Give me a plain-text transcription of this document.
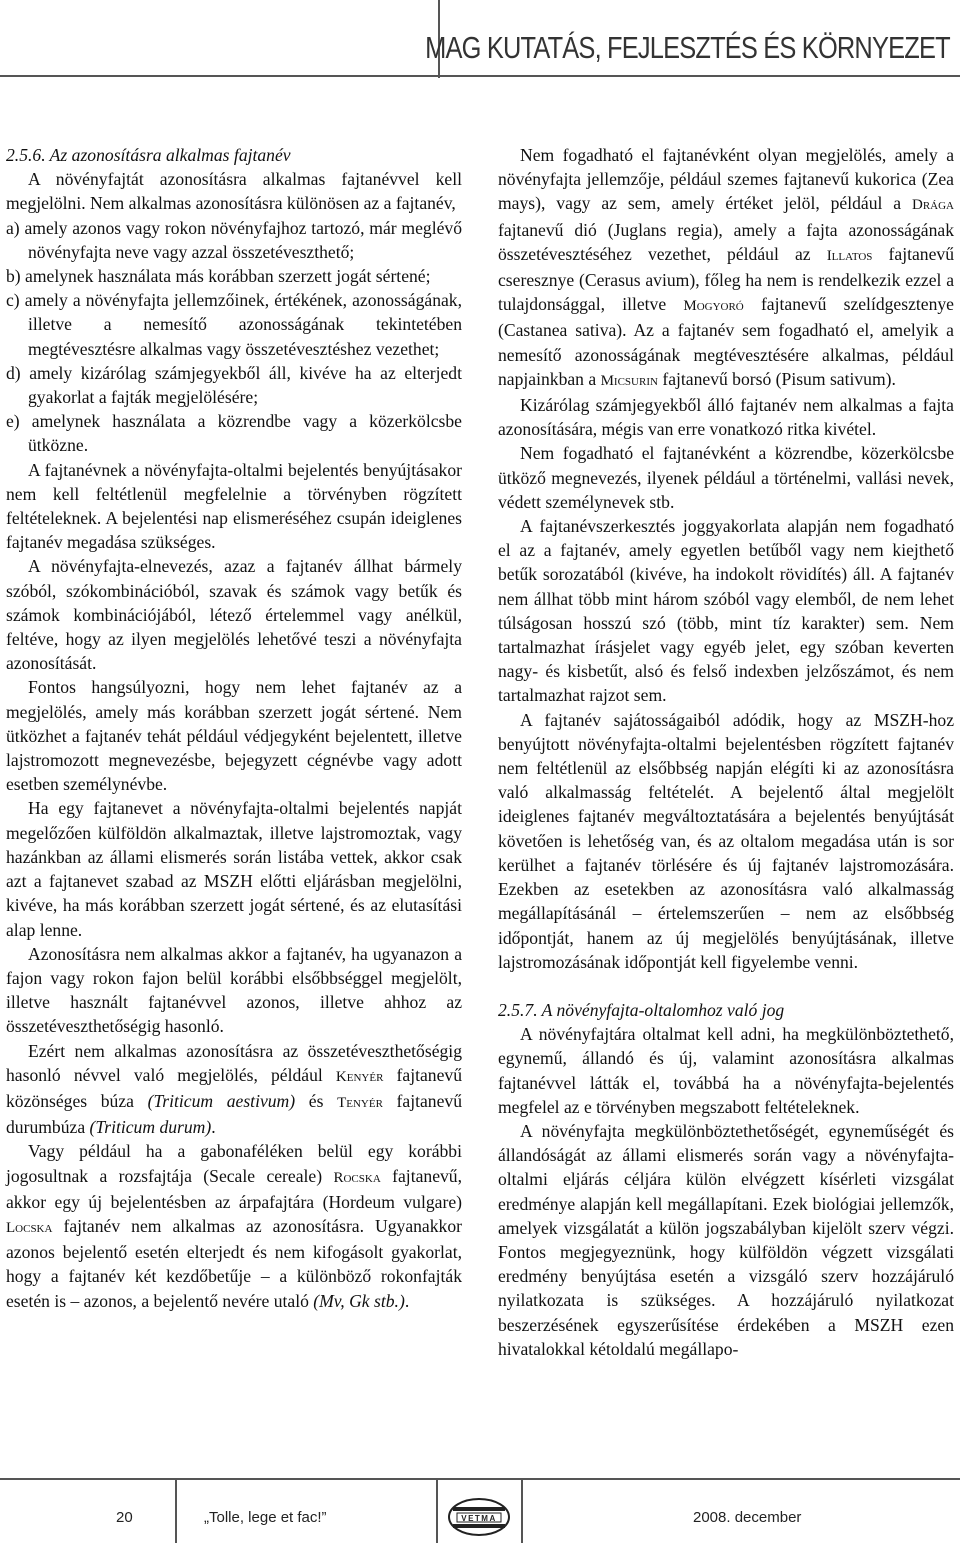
MAG KUTATÁS, FEJLESZTÉS ÉS KÖRNYEZET

2.5.6. Az azonosításra alkalmas fajtanév

A növényfajtát azonosításra alkalmas fajtanévvel kell megjelölni. Nem alkalmas azonosításra különösen az a fajtanév,

a) amely azonos vagy rokon növényfajhoz tartozó, már meglévő növényfajta neve vagy azzal összetéveszthető;

b) amelynek használata más korábban szerzett jogát sértené;

c) amely a növényfajta jellemzőinek, értékének, azonosságának, illetve a nemesítő azonosságának tekintetében megtévesztésre alkalmas vagy összetévesztéshez vezethet;

d) amely kizárólag számjegyekből áll, kivéve ha az elterjedt gyakorlat a fajták megjelölésére;

e) amelynek használata a közrendbe vagy a közerkölcsbe ütközne.

A fajtanévnek a növényfajta-oltalmi bejelentés benyújtásakor nem kell feltétlenül megfelelnie a törvényben rögzített feltételeknek. A bejelentési nap elismeréséhez csupán ideiglenes fajtanév megadása szükséges.

A növényfajta-elnevezés, azaz a fajtanév állhat bármely szóból, szókombinációból, szavak és számok vagy betűk és számok kombinációjából, létező értelemmel vagy anélkül, feltéve, hogy az ilyen megjelölés lehetővé teszi a növényfajta azonosítását.

Fontos hangsúlyozni, hogy nem lehet fajtanév az a megjelölés, amely más korábban szerzett jogát sértené. Nem ütközhet a fajtanév tehát például védjegyként bejelentett, illetve lajstromozott megnevezésbe, bejegyzett cégnévbe vagy adott esetben személynévbe.

Ha egy fajtanevet a növényfajta-oltalmi bejelentés napját megelőzően külföldön alkalmaztak, illetve lajstromoztak, vagy hazánkban az állami elismerés során listába vettek, akkor csak azt a fajtanevet szabad az MSZH előtti eljárásban megjelölni, kivéve, ha más korábban szerzett jogát sértené, és az elutasítási alap lenne.

Azonosításra nem alkalmas akkor a fajtanév, ha ugyanazon a fajon vagy rokon fajon belül korábbi elsőbbséggel megjelölt, illetve használt fajtanévvel azonos, illetve ahhoz az összetéveszthetőségig hasonló.

Ezért nem alkalmas azonosításra az összetéveszthetőségig hasonló névvel való megjelölés, például Kenyér fajtanevű közönséges búza (Triticum aestivum) és Tenyér fajtanevű durumbúza (Triticum durum).

Vagy például ha a gabonaféléken belül egy korábbi jogosultnak a rozsfajtája (Secale cereale) Rocska fajtanevű, akkor egy új bejelentésben az árpafajtára (Hordeum vulgare) Locska fajtanév nem alkalmas az azonosításra. Ugyanakkor azonos bejelentő esetén elterjedt és nem kifogásolt gyakorlat, hogy a fajtanév két kezdőbetűje – a különböző rokonfajták esetén is – azonos, a bejelentő nevére utaló (Mv, Gk stb.).

Nem fogadható el fajtanévként olyan megjelölés, amely a növényfajta jellemzője, például szemes fajtanevű kukorica (Zea mays), vagy az sem, amely értéket jelöl, például a Drága fajtanevű dió (Juglans regia), amely a fajta azonosságának összetévesztéséhez vezethet, például az Illatos fajtanevű cseresznye (Cerasus avium), főleg ha nem is rendelkezik ezzel a tulajdonsággal, illetve Mogyoró fajtanevű szelídgesztenye (Castanea sativa). Az a fajtanév sem fogadható el, amelyik a nemesítő azonosságának megtévesztésére alkalmas, például napjainkban a Micsurin fajtanevű borsó (Pisum sativum).

Kizárólag számjegyekből álló fajtanév nem alkalmas a fajta azonosítására, mégis van erre vonatkozó ritka kivétel.

Nem fogadható el fajtanévként a közrendbe, közerkölcsbe ütköző megnevezés, ilyenek például a történelmi, vallási nevek, védett személynevek stb.

A fajtanévszerkesztés joggyakorlata alapján nem fogadható el az a fajtanév, amely egyetlen betűből vagy nem kiejthető betűk sorozatából (kivéve, ha indokolt rövidítés) áll. A fajtanév nem állhat több mint három szóból vagy elemből, de nem lehet túlságosan hosszú szó (több, mint tíz karakter) sem. Nem tartalmazhat írásjelet vagy egyéb jelet, egy szóban keverten nagy- és kisbetűt, alsó és felső indexben jelzőszámot, és nem tartalmazhat rajzot sem.

A fajtanév sajátosságaiból adódik, hogy az MSZH-hoz benyújtott növényfajta-oltalmi bejelentésben rögzített fajtanév nem feltétlenül az elsőbbség napján elégíti ki az azonosításra való alkalmasság feltételét. A bejelentő által megjelölt ideiglenes fajtanév megváltoztatására a bejelentés benyújtását követően is lehetőség van, és az oltalom megadása után is sor kerülhet a fajtanév törlésére és új fajtanév lajstromozására. Ezekben az esetekben az azonosításra való alkalmasság megállapításánál – értelemszerűen – nem az elsőbbség időpontját, hanem az új megjelölés benyújtásának, illetve lajstromozásának időpontját kell figyelembe venni.

2.5.7. A növényfajta-oltalomhoz való jog

A növényfajtára oltalmat kell adni, ha megkülönböztethető, egynemű, állandó és új, valamint azonosításra alkalmas fajtanévvel látták el, továbbá ha a növényfajta-bejelentés megfelel az e törvényben megszabott feltételeknek.

A növényfajta megkülönböztethetőségét, egyneműségét és állandóságát az állami elismerés során vagy a növényfajta-oltalmi eljárás céljára külön elvégzett kísérleti vizsgálat eredménye alapján kell megállapítani. Ezek biológiai jellemzők, amelyek vizsgálatát a külön jogszabályban kijelölt szerv végzi. Fontos megjegyeznünk, hogy külföldön végzett vizsgálati eredmény benyújtása esetén a vizsgáló szerv hozzájáruló nyilatkozata is szükséges. A hozzájáruló nyilatkozat beszerzésének egyszerűsítése érdekében a MSZH ezen hivatalokkal kétoldalú megállapo-

20	„Tolle, lege et fac!”	2008. december
VETMA
